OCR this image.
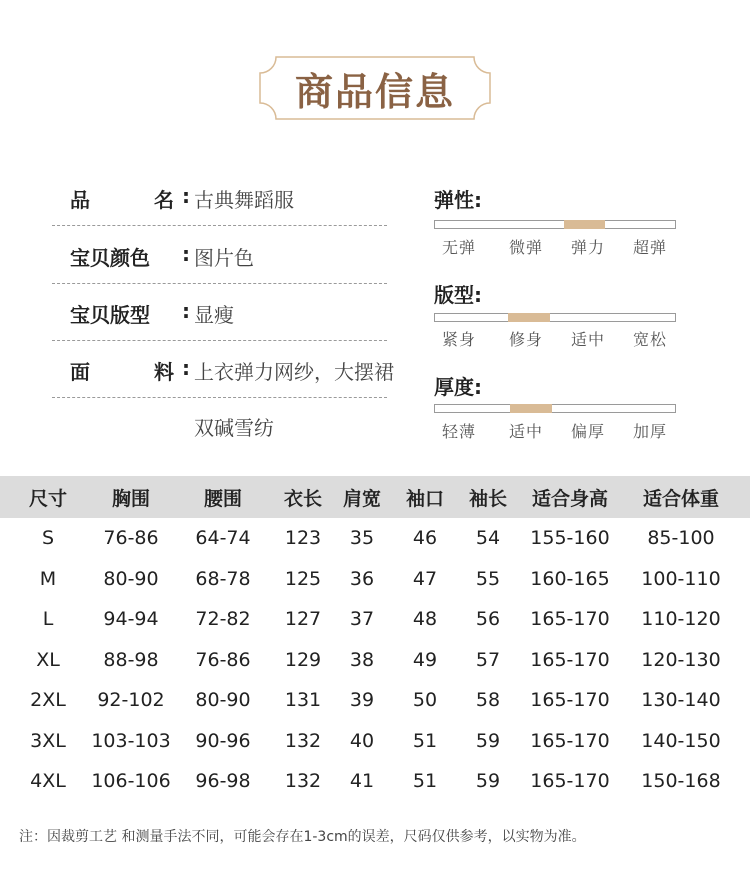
商品信息
品	名 : 古典舞蹈服
宝贝颜色	: 图片色
宝贝版型	: 显瘦
面	料 : 上衣弹力网纱，大摆裙
双碱雪纺
弹性:
无弹 微弹 弹力 超弹
版型:
紧身 修身 适中 宽松
厚度:
轻薄 适中 偏厚 加厚
尺寸	胸围	腰围	衣长	肩宽	袖口	袖长	适合身高	适合体重
S	76-86	64-74	123	35	46	54	155-160	85-100
M	80-90	68-78	125	36	47	55	160-165	100-110
L	94-94	72-82	127	37	48	56	165-170	110-120
XL	88-98	76-86	129	38	49	57	165-170	120-130
2XL	92-102	80-90	131	39	50	58	165-170	130-140
3XL	103-103	90-96	132	40	51	59	165-170	140-150
4XL	106-106	96-98	132	41	51	59	165-170	150-168
注：因裁剪工艺 和测量手法不同，可能会存在1-3cm的误差，尺码仅供参考，以实物为准。
